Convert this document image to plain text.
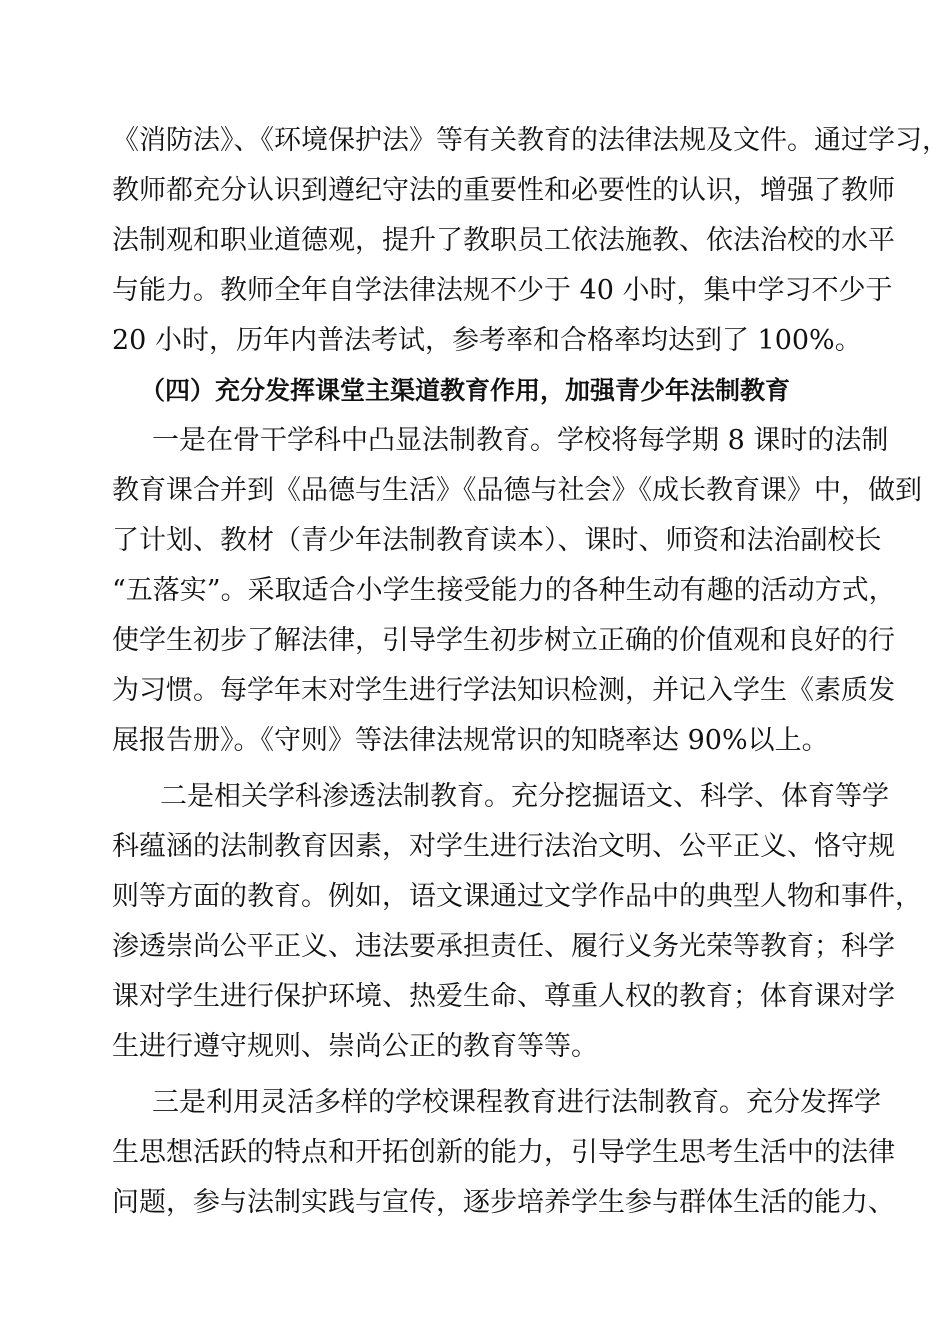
《消防法》、《环境保护法》等有关教育的法律法规及文件。通过学习，
教师都充分认识到遵纪守法的重要性和必要性的认识，增强了教师
法制观和职业道德观，提升了教职员工依法施教、依法治校的水平
与能力。教师全年自学法律法规不少于 40 小时，集中学习不少于
20 小时，历年内普法考试，参考率和合格率均达到了 100%。
（四）充分发挥课堂主渠道教育作用，加强青少年法制教育
一是在骨干学科中凸显法制教育。学校将每学期 8 课时的法制
教育课合并到《品德与生活》《品德与社会》《成长教育课》中，做到
了计划、教材（青少年法制教育读本）、课时、师资和法治副校长
“五落实”。采取适合小学生接受能力的各种生动有趣的活动方式，
使学生初步了解法律，引导学生初步树立正确的价值观和良好的行
为习惯。每学年末对学生进行学法知识检测，并记入学生《素质发
展报告册》。《守则》等法律法规常识的知晓率达 90%以上。
二是相关学科渗透法制教育。充分挖掘语文、科学、体育等学
科蕴涵的法制教育因素，对学生进行法治文明、公平正义、恪守规
则等方面的教育。例如，语文课通过文学作品中的典型人物和事件，
渗透崇尚公平正义、违法要承担责任、履行义务光荣等教育；科学
课对学生进行保护环境、热爱生命、尊重人权的教育；体育课对学
生进行遵守规则、崇尚公正的教育等等。
三是利用灵活多样的学校课程教育进行法制教育。充分发挥学
生思想活跃的特点和开拓创新的能力，引导学生思考生活中的法律
问题，参与法制实践与宣传，逐步培养学生参与群体生活的能力、
